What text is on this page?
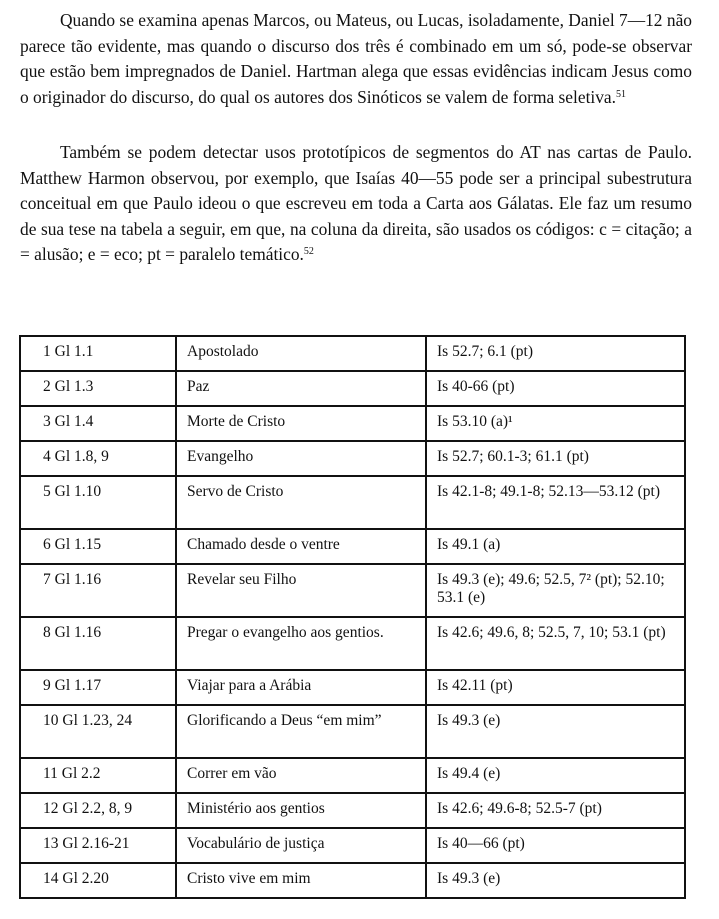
Quando se examina apenas Marcos, ou Mateus, ou Lucas, isoladamente, Daniel 7—12 não parece tão evidente, mas quando o discurso dos três é combinado em um só, pode-se observar que estão bem impregnados de Daniel. Hartman alega que essas evidências indicam Jesus como o originador do discurso, do qual os autores dos Sinóticos se valem de forma seletiva.$^{51}$

Também se podem detectar usos prototípicos de segmentos do AT nas cartas de Paulo. Matthew Harmon observou, por exemplo, que Isaías 40—55 pode ser a principal subestrutura conceitual em que Paulo ideou o que escreveu em toda a Carta aos Gálatas. Ele faz um resumo de sua tese na tabela a seguir, em que, na coluna da direita, são usados os códigos: c = citação; a = alusão; e = eco; pt = paralelo temático.$^{52}$

1 Gl 1.1	Apostolado	Is 52.7; 6.1 (pt)
2 Gl 1.3	Paz	Is 40-66 (pt)
3 Gl 1.4	Morte de Cristo	Is 53.10 (a)¹
4 Gl 1.8, 9	Evangelho	Is 52.7; 60.1-3; 61.1 (pt)
5 Gl 1.10	Servo de Cristo	Is 42.1-8; 49.1-8; 52.13—53.12 (pt)
6 Gl 1.15	Chamado desde o ventre	Is 49.1 (a)
7 Gl 1.16	Revelar seu Filho	Is 49.3 (e); 49.6; 52.5, 7² (pt); 52.10; 53.1 (e)
8 Gl 1.16	Pregar o evangelho aos gentios.	Is 42.6; 49.6, 8; 52.5, 7, 10; 53.1 (pt)
9 Gl 1.17	Viajar para a Arábia	Is 42.11 (pt)
10 Gl 1.23, 24	Glorificando a Deus “em mim”	Is 49.3 (e)
11 Gl 2.2	Correr em vão	Is 49.4 (e)
12 Gl 2.2, 8, 9	Ministério aos gentios	Is 42.6; 49.6-8; 52.5-7 (pt)
13 Gl 2.16-21	Vocabulário de justiça	Is 40—66 (pt)
14 Gl 2.20	Cristo vive em mim	Is 49.3 (e)
